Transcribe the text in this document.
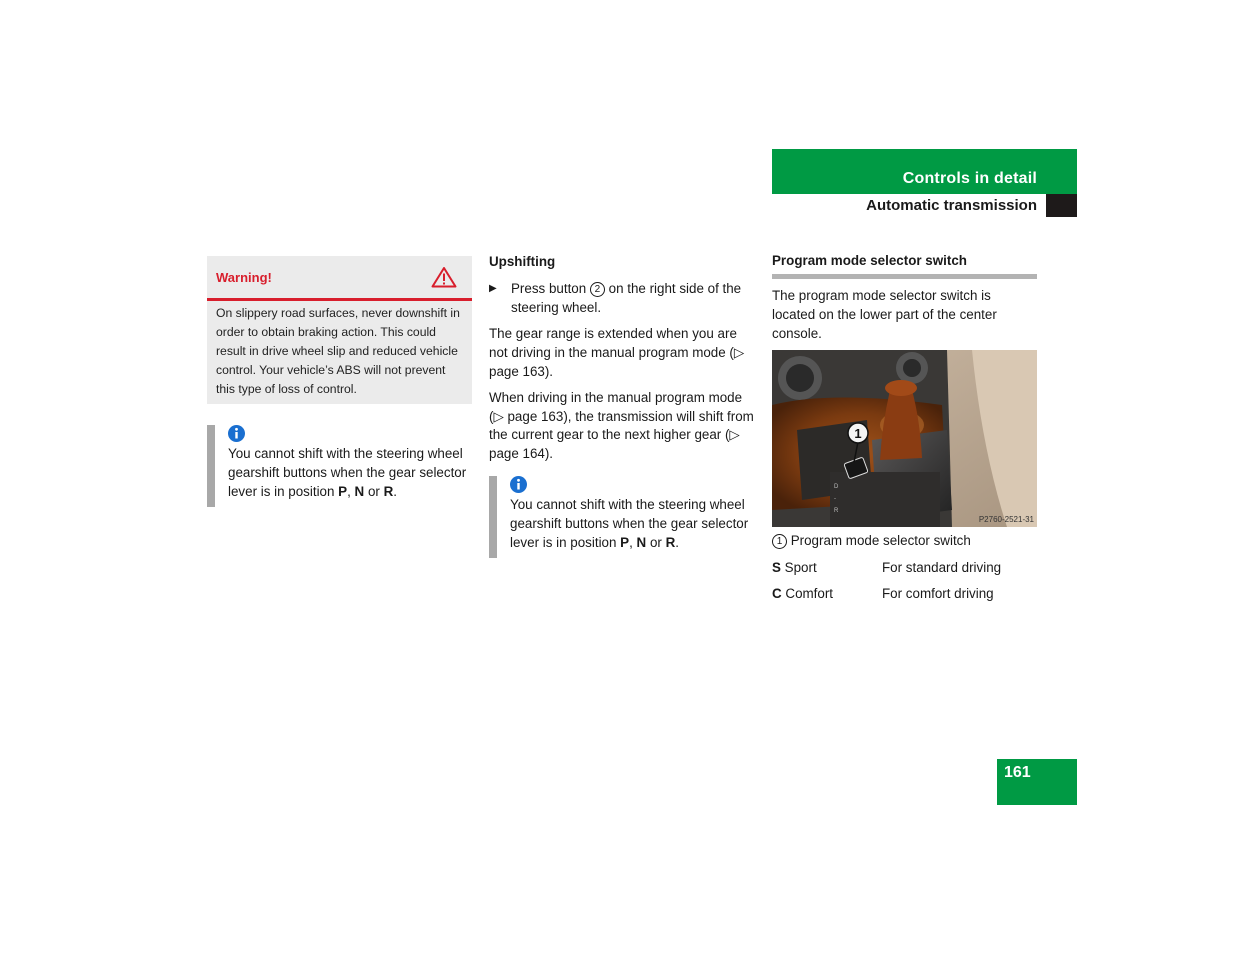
Controls in detail
Automatic transmission
Warning!
On slippery road surfaces, never downshift in order to obtain braking action. This could result in drive wheel slip and reduced vehicle control. Your vehicle’s ABS will not prevent this type of loss of control.
You cannot shift with the steering wheel gearshift buttons when the gear selector lever is in position P, N or R.
Upshifting
▶ Press button 2 on the right side of the steering wheel.
The gear range is extended when you are not driving in the manual program mode (▷ page 163).
When driving in the manual program mode (▷ page 163), the transmission will shift from the current gear to the next higher gear (▷ page 164).
You cannot shift with the steering wheel gearshift buttons when the gear selector lever is in position P, N or R.
Program mode selector switch
The program mode selector switch is located on the lower part of the center console.
D
-
R
1
P2760-2521-31
1 Program mode selector switch
S Sport	For standard driving
C Comfort	For comfort driving
161
